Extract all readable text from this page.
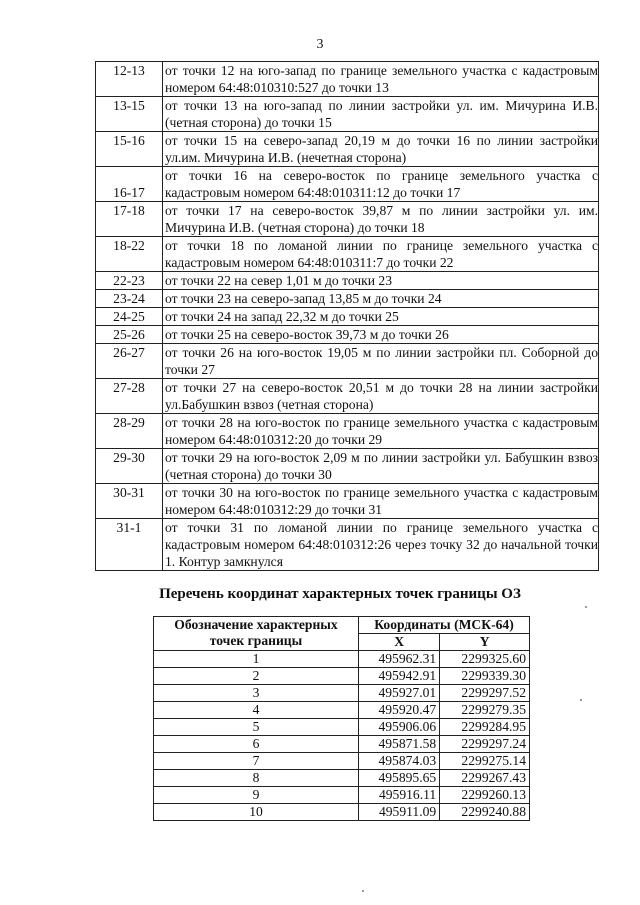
3
12-13	от точки 12 на юго-запад по границе земельного участка с кадастровым номером 64:48:010310:527 до точки 13
13-15	от точки 13 на юго-запад по линии застройки ул. им. Мичурина И.В. (четная сторона) до точки 15
15-16	от точки 15 на северо-запад 20,19 м до точки 16 по линии застройки ул.им. Мичурина И.В. (нечетная сторона)
16-17	от точки 16 на северо-восток по границе земельного участка с кадастровым номером 64:48:010311:12 до точки 17
17-18	от точки 17 на северо-восток 39,87 м по линии застройки ул. им. Мичурина И.В. (четная сторона) до точки 18
18-22	от точки 18 по ломаной линии по границе земельного участка с кадастровым номером 64:48:010311:7 до точки 22
22-23	от точки 22 на север 1,01 м до точки 23
23-24	от точки 23 на северо-запад 13,85 м до точки 24
24-25	от точки 24 на запад 22,32 м до точки 25
25-26	от точки 25 на северо-восток 39,73 м до точки 26
26-27	от точки 26 на юго-восток 19,05 м по линии застройки пл. Соборной до точки 27
27-28	от точки 27 на северо-восток 20,51 м до точки 28 на линии застройки ул.Бабушкин взвоз (четная сторона)
28-29	от точки 28 на юго-восток по границе земельного участка с кадастровым номером 64:48:010312:20 до точки 29
29-30	от точки 29 на юго-восток 2,09 м по линии застройки ул. Бабушкин взвоз (четная сторона) до точки 30
30-31	от точки 30 на юго-восток по границе земельного участка с кадастровым номером 64:48:010312:29 до точки 31
31-1	от точки 31 по ломаной линии по границе земельного участка с кадастровым номером 64:48:010312:26 через точку 32 до начальной точки 1. Контур замкнулся
Перечень координат характерных точек границы ОЗ
Обозначение характерных точек границы	Координаты (МСК-64)	
	X	Y
1	495962.31	2299325.60
2	495942.91	2299339.30
3	495927.01	2299297.52
4	495920.47	2299279.35
5	495906.06	2299284.95
6	495871.58	2299297.24
7	495874.03	2299275.14
8	495895.65	2299267.43
9	495916.11	2299260.13
10	495911.09	2299240.88
